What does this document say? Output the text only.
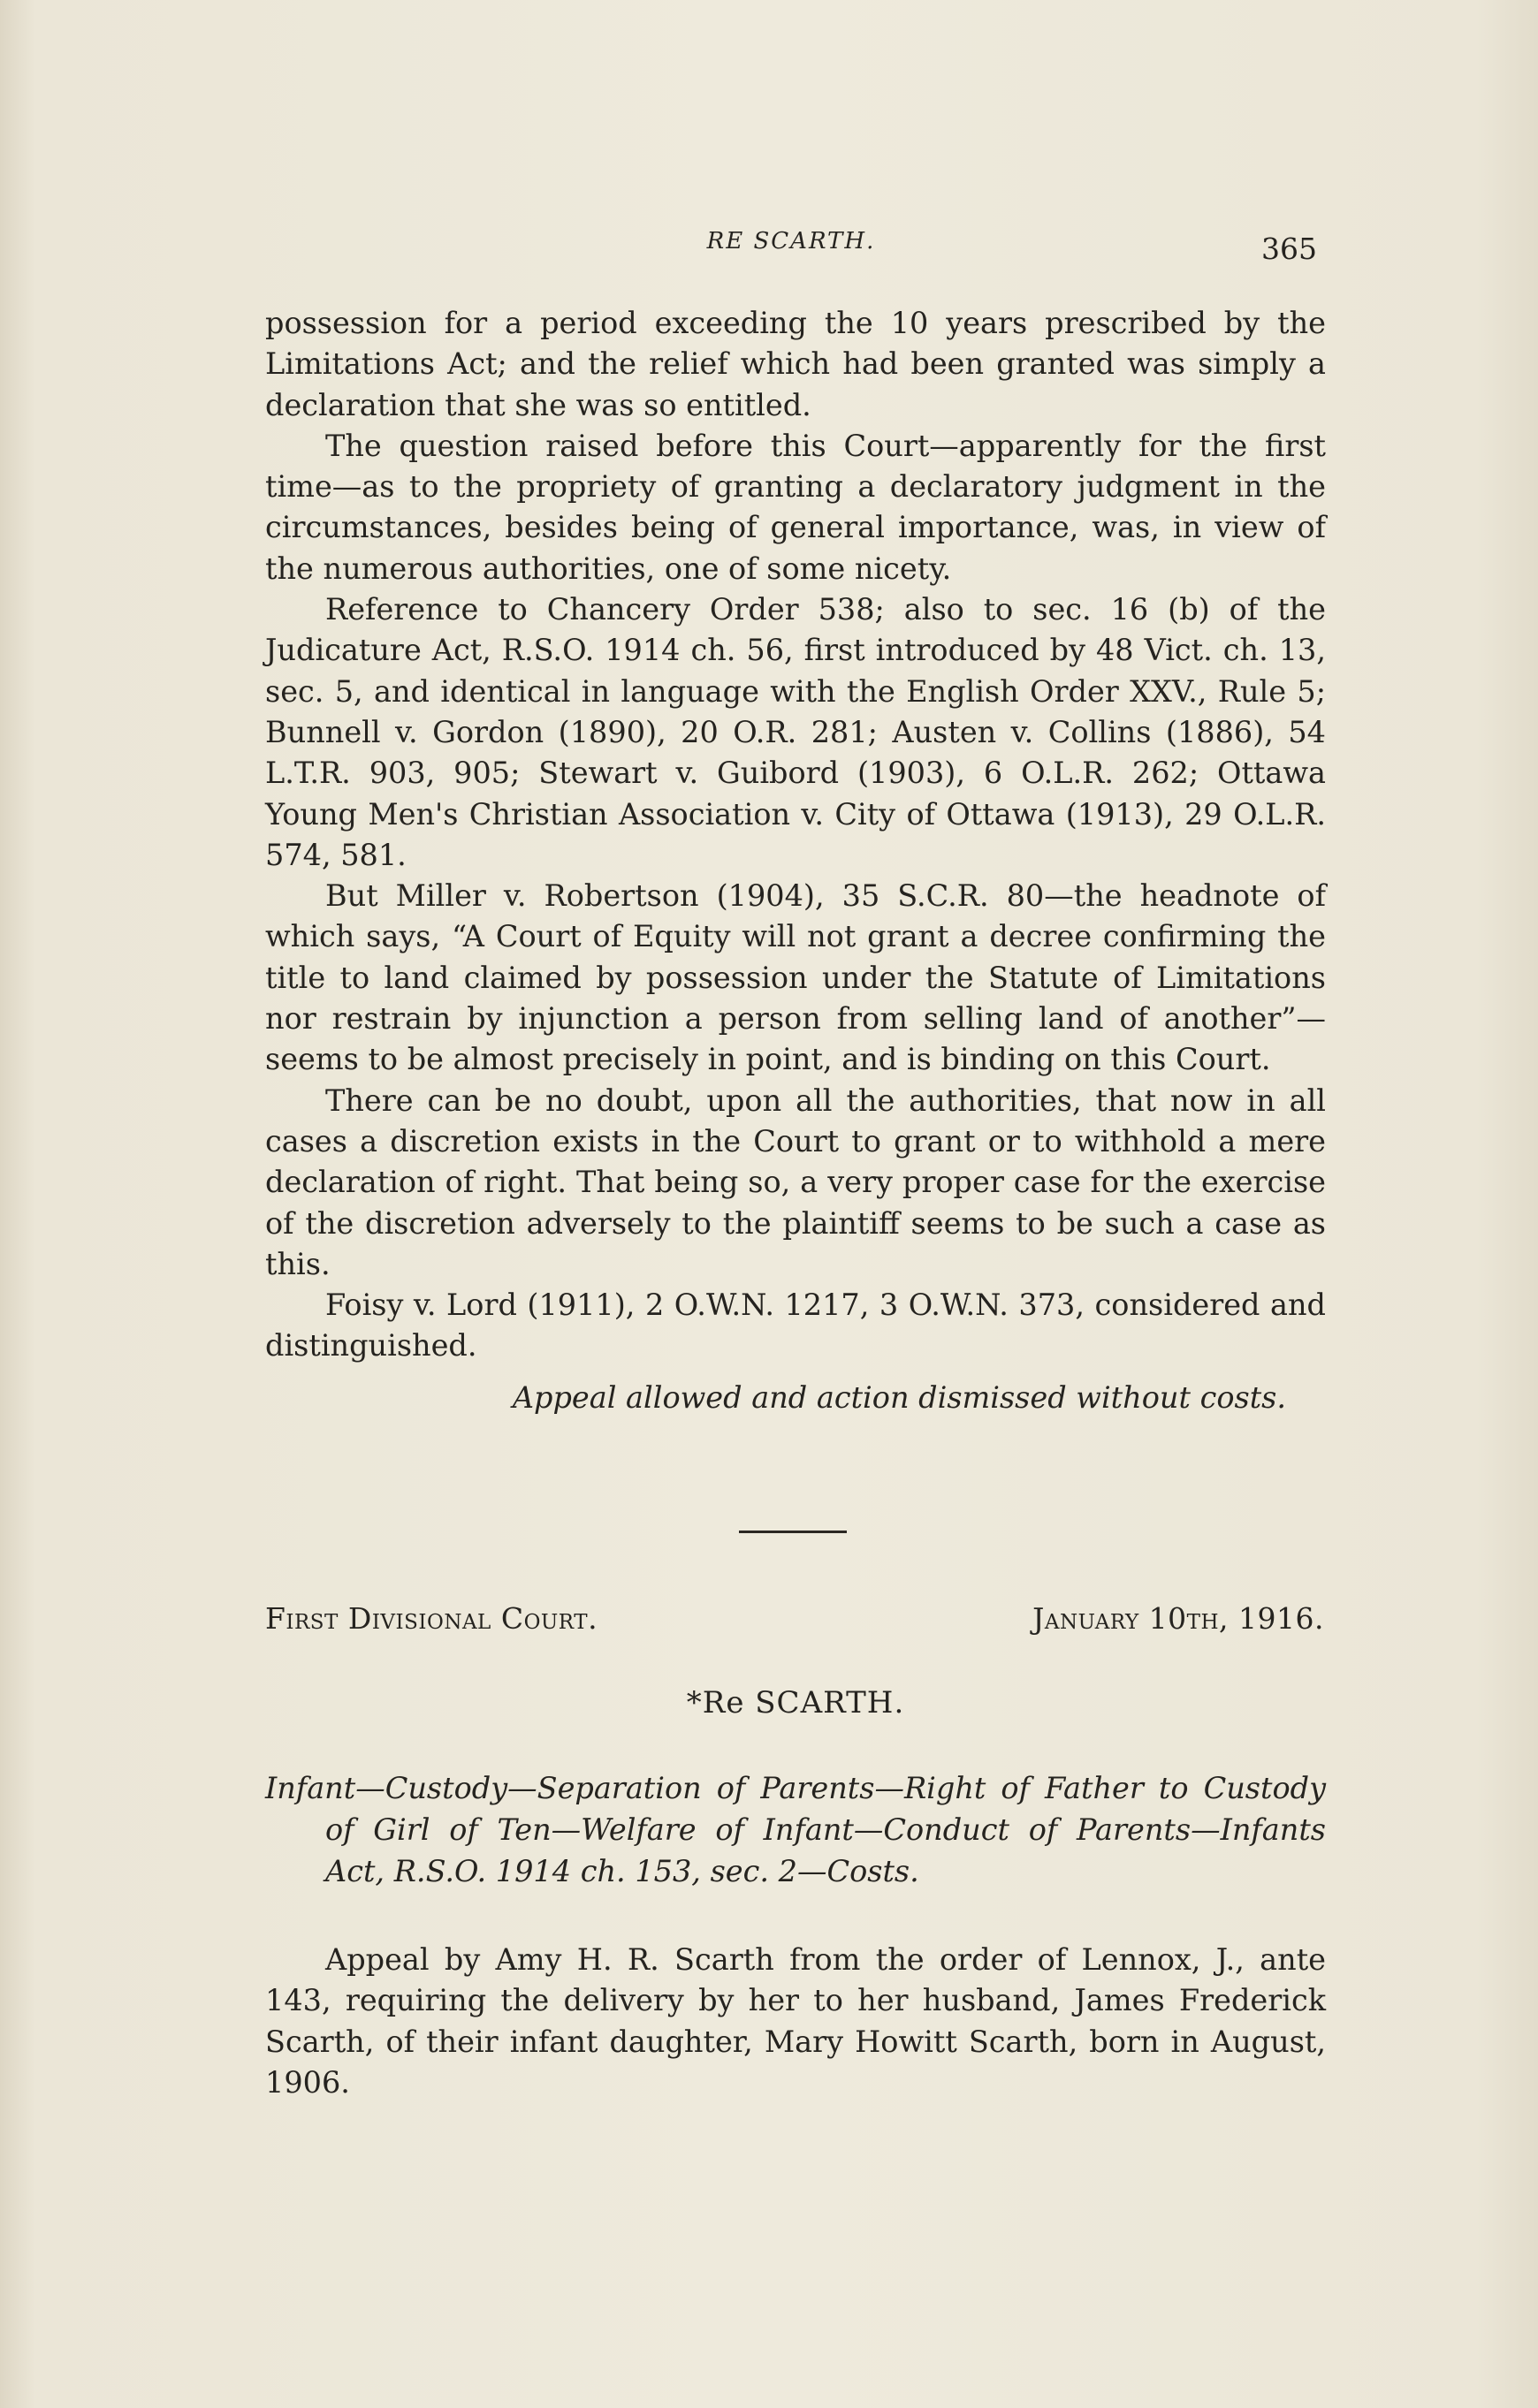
RE SCARTH.	365

possession for a period exceeding the 10 years prescribed by the Limitations Act; and the relief which had been granted was simply a declaration that she was so entitled.

The question raised before this Court—apparently for the first time—as to the propriety of granting a declaratory judgment in the circumstances, besides being of general importance, was, in view of the numerous authorities, one of some nicety.

Reference to Chancery Order 538; also to sec. 16 (b) of the Judicature Act, R.S.O. 1914 ch. 56, first introduced by 48 Vict. ch. 13, sec. 5, and identical in language with the English Order XXV., Rule 5; Bunnell v. Gordon (1890), 20 O.R. 281; Austen v. Collins (1886), 54 L.T.R. 903, 905; Stewart v. Guibord (1903), 6 O.L.R. 262; Ottawa Young Men's Christian Association v. City of Ottawa (1913), 29 O.L.R. 574, 581.

But Miller v. Robertson (1904), 35 S.C.R. 80—the headnote of which says, “A Court of Equity will not grant a decree confirming the title to land claimed by possession under the Statute of Limitations nor restrain by injunction a person from selling land of another”—seems to be almost precisely in point, and is binding on this Court.

There can be no doubt, upon all the authorities, that now in all cases a discretion exists in the Court to grant or to withhold a mere declaration of right. That being so, a very proper case for the exercise of the discretion adversely to the plaintiff seems to be such a case as this.

Foisy v. Lord (1911), 2 O.W.N. 1217, 3 O.W.N. 373, considered and distinguished.

Appeal allowed and action dismissed without costs.

First Divisional Court.	January 10th, 1916.
*Re SCARTH.

Infant—Custody—Separation of Parents—Right of Father to Custody of Girl of Ten—Welfare of Infant—Conduct of Parents—Infants Act, R.S.O. 1914 ch. 153, sec. 2—Costs.

Appeal by Amy H. R. Scarth from the order of Lennox, J., ante 143, requiring the delivery by her to her husband, James Frederick Scarth, of their infant daughter, Mary Howitt Scarth, born in August, 1906.
